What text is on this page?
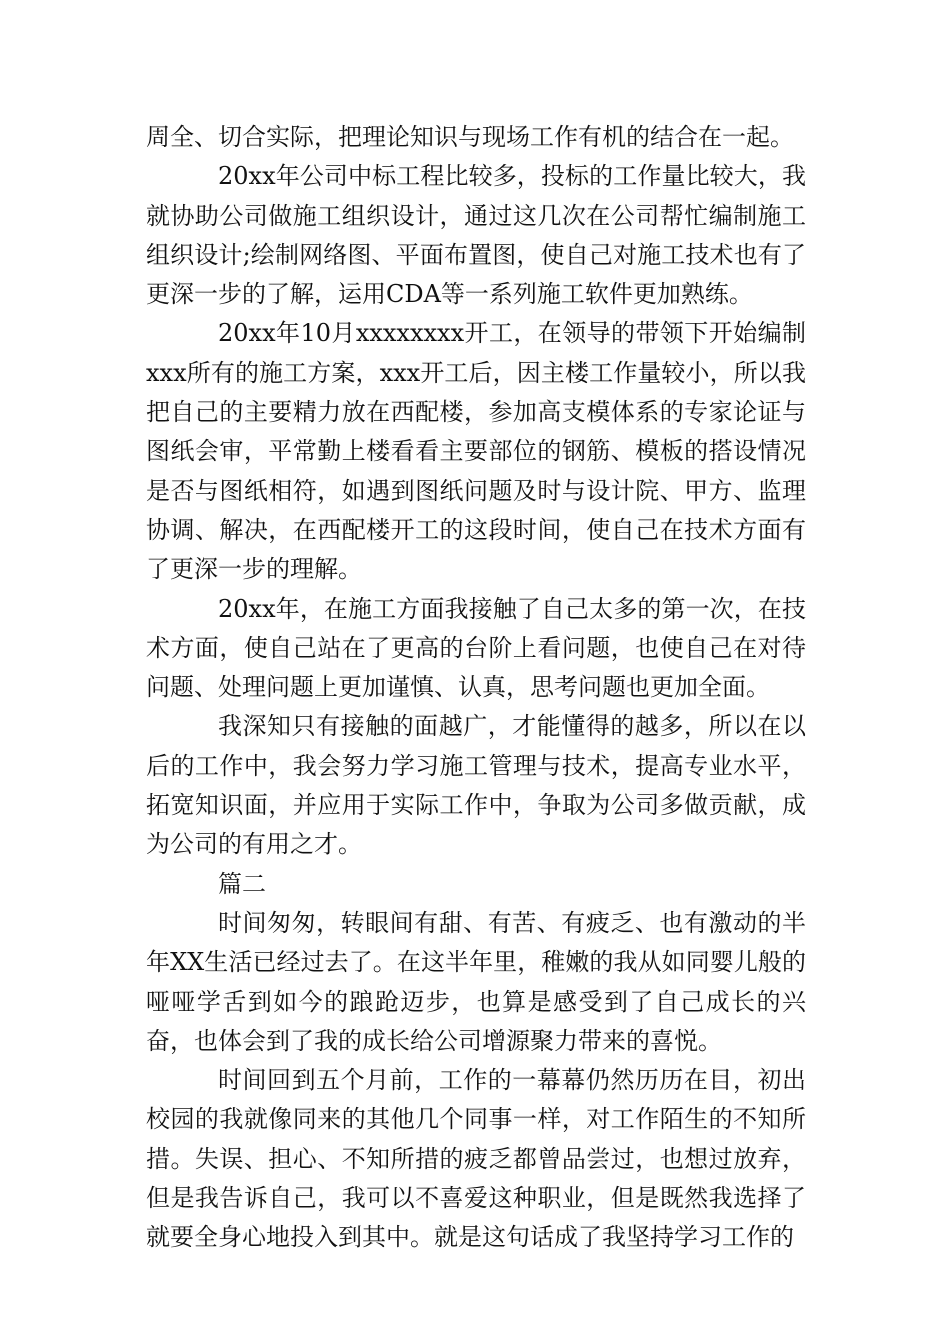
周全、切合实际，把理论知识与现场工作有机的结合在一起。

20xx年公司中标工程比较多，投标的工作量比较大，我就协助公司做施工组织设计，通过这几次在公司帮忙编制施工组织设计;绘制网络图、平面布置图，使自己对施工技术也有了更深一步的了解，运用CDA等一系列施工软件更加熟练。

20xx年10月xxxxxxxx开工，在领导的带领下开始编制xxx所有的施工方案，xxx开工后，因主楼工作量较小，所以我把自己的主要精力放在西配楼，参加高支模体系的专家论证与图纸会审，平常勤上楼看看主要部位的钢筋、模板的搭设情况是否与图纸相符，如遇到图纸问题及时与设计院、甲方、监理协调、解决，在西配楼开工的这段时间，使自己在技术方面有了更深一步的理解。

20xx年，在施工方面我接触了自己太多的第一次，在技术方面，使自己站在了更高的台阶上看问题，也使自己在对待问题、处理问题上更加谨慎、认真，思考问题也更加全面。

我深知只有接触的面越广，才能懂得的越多，所以在以后的工作中，我会努力学习施工管理与技术，提高专业水平，拓宽知识面，并应用于实际工作中，争取为公司多做贡献，成为公司的有用之才。

篇二

时间匆匆，转眼间有甜、有苦、有疲乏、也有激动的半年XX生活已经过去了。在这半年里，稚嫩的我从如同婴儿般的哑哑学舌到如今的踉跄迈步，也算是感受到了自己成长的兴奋，也体会到了我的成长给公司增源聚力带来的喜悦。

时间回到五个月前，工作的一幕幕仍然历历在目，初出校园的我就像同来的其他几个同事一样，对工作陌生的不知所措。失误、担心、不知所措的疲乏都曾品尝过，也想过放弃，但是我告诉自己，我可以不喜爱这种职业，但是既然我选择了就要全身心地投入到其中。就是这句话成了我坚持学习工作的
